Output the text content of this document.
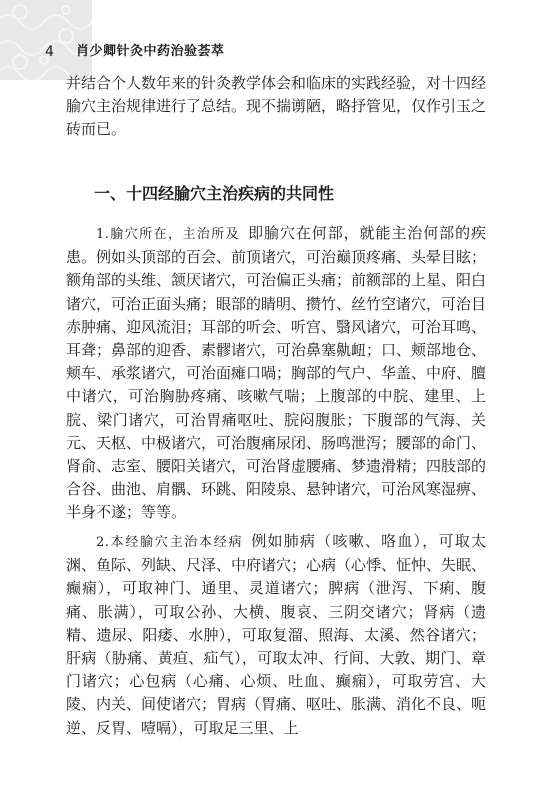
4 肖少卿针灸中药治验荟萃

并结合个人数年来的针灸教学体会和临床的实践经验，对十四经腧穴主治规律进行了总结。现不揣谫陋，略抒管见，仅作引玉之砖而已。

一、十四经腧穴主治疾病的共同性

1.腧穴所在，主治所及 即腧穴在何部，就能主治何部的疾患。例如头顶部的百会、前顶诸穴，可治巅顶疼痛、头晕目眩；额角部的头维、颔厌诸穴，可治偏正头痛；前额部的上星、阳白诸穴，可治正面头痛；眼部的睛明、攒竹、丝竹空诸穴，可治目赤肿痛、迎风流泪；耳部的听会、听宫、翳风诸穴，可治耳鸣、耳聋；鼻部的迎香、素髎诸穴，可治鼻塞鼽衄；口、颊部地仓、颊车、承浆诸穴，可治面瘫口喎；胸部的气户、华盖、中府、膻中诸穴，可治胸胁疼痛、咳嗽气喘；上腹部的中脘、建里、上脘、梁门诸穴，可治胃痛呕吐、脘闷腹胀；下腹部的气海、关元、天枢、中极诸穴，可治腹痛尿闭、肠鸣泄泻；腰部的命门、肾俞、志室、腰阳关诸穴，可治肾虚腰痛、梦遗滑精；四肢部的合谷、曲池、肩髃、环跳、阳陵泉、悬钟诸穴，可治风寒湿痹、半身不遂；等等。

2.本经腧穴主治本经病 例如肺病（咳嗽、咯血），可取太渊、鱼际、列缺、尺泽、中府诸穴；心病（心悸、怔忡、失眠、癫痫），可取神门、通里、灵道诸穴；脾病（泄泻、下痢、腹痛、胀满），可取公孙、大横、腹哀、三阴交诸穴；肾病（遗精、遗尿、阳痿、水肿），可取复溜、照海、太溪、然谷诸穴；肝病（胁痛、黄疸、疝气），可取太冲、行间、大敦、期门、章门诸穴；心包病（心痛、心烦、吐血、癫痫），可取劳宫、大陵、内关、间使诸穴；胃病（胃痛、呕吐、胀满、消化不良、呃逆、反胃、噎嗝），可取足三里、上
